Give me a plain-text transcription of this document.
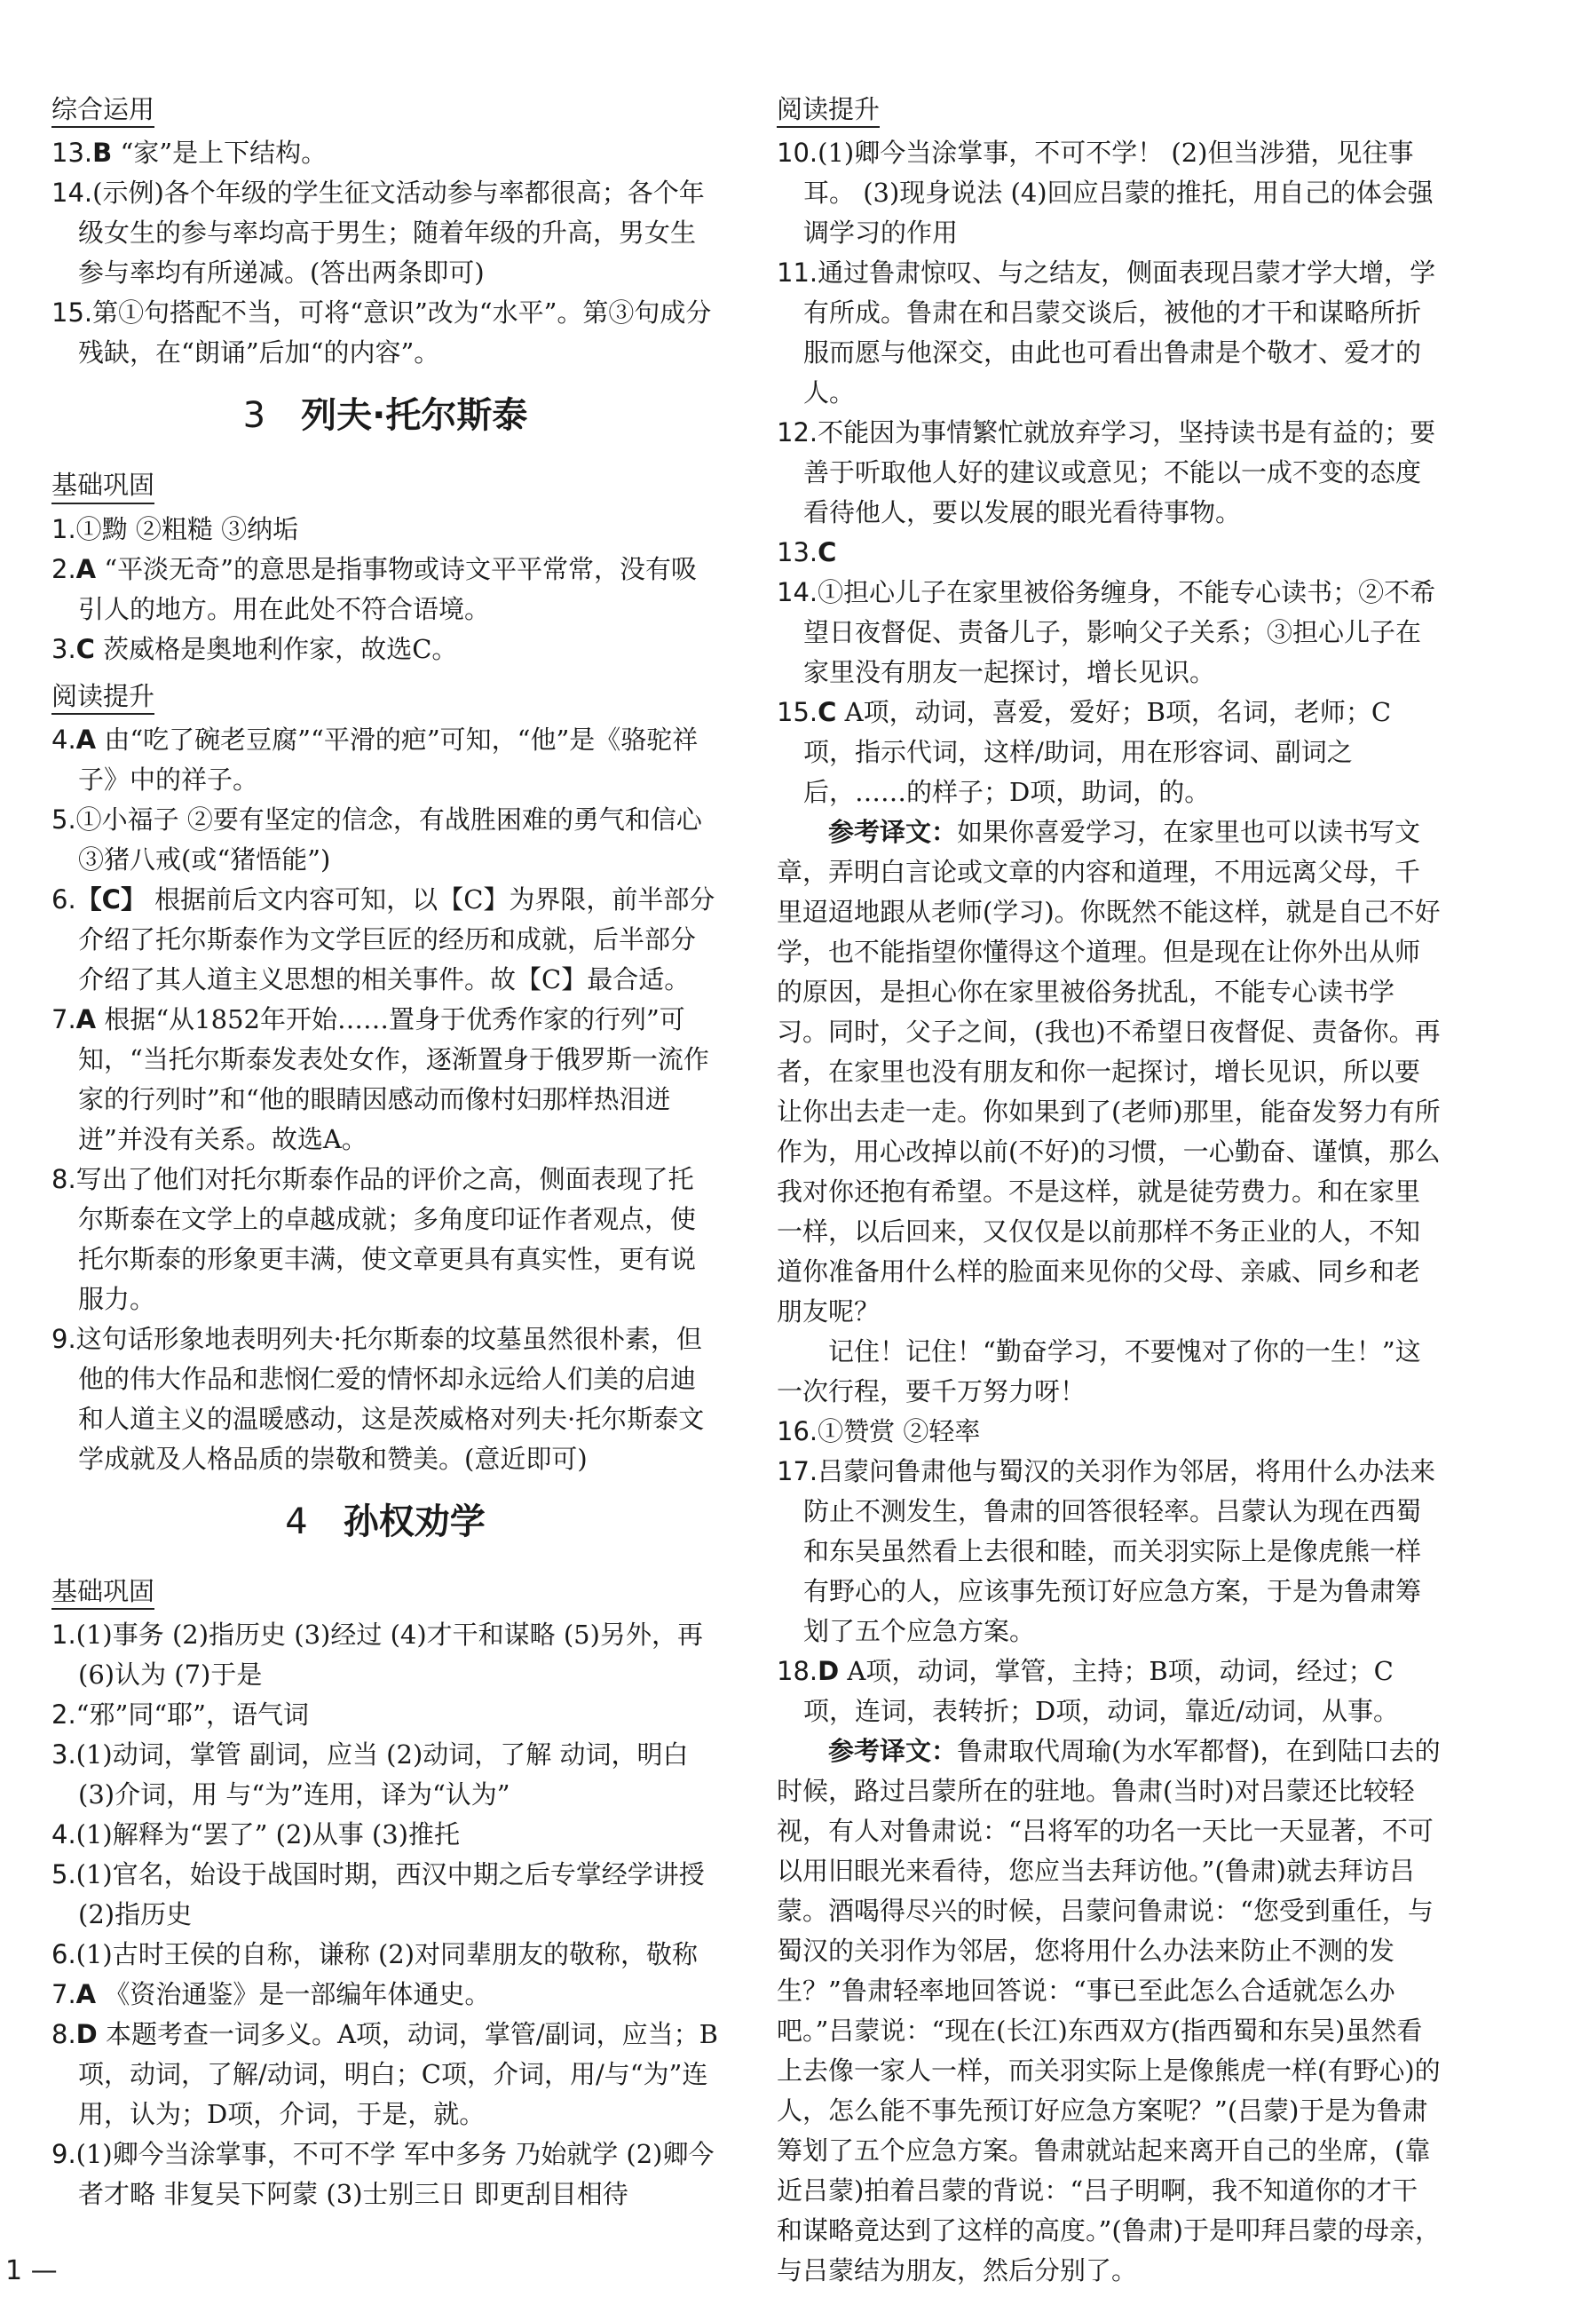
综合运用
13.B “家”是上下结构。
14.(示例)各个年级的学生征文活动参与率都很高；各个年级女生的参与率均高于男生；随着年级的升高，男女生参与率均有所递减。(答出两条即可)
15.第①句搭配不当，可将“意识”改为“水平”。第③句成分残缺，在“朗诵”后加“的内容”。
3 列夫·托尔斯泰
基础巩固
1.①黝 ②粗糙 ③纳垢
2.A “平淡无奇”的意思是指事物或诗文平平常常，没有吸引人的地方。用在此处不符合语境。
3.C 茨威格是奥地利作家，故选C。
阅读提升
4.A 由“吃了碗老豆腐”“平滑的疤”可知，“他”是《骆驼祥子》中的祥子。
5.①小福子 ②要有坚定的信念，有战胜困难的勇气和信心 ③猪八戒(或“猪悟能”)
6.【C】 根据前后文内容可知，以【C】为界限，前半部分介绍了托尔斯泰作为文学巨匠的经历和成就，后半部分介绍了其人道主义思想的相关事件。故【C】最合适。
7.A 根据“从1852年开始……置身于优秀作家的行列”可知，“当托尔斯泰发表处女作，逐渐置身于俄罗斯一流作家的行列时”和“他的眼睛因感动而像村妇那样热泪迸迸”并没有关系。故选A。
8.写出了他们对托尔斯泰作品的评价之高，侧面表现了托尔斯泰在文学上的卓越成就；多角度印证作者观点，使托尔斯泰的形象更丰满，使文章更具有真实性，更有说服力。
9.这句话形象地表明列夫·托尔斯泰的坟墓虽然很朴素，但他的伟大作品和悲悯仁爱的情怀却永远给人们美的启迪和人道主义的温暖感动，这是茨威格对列夫·托尔斯泰文学成就及人格品质的崇敬和赞美。(意近即可)
4 孙权劝学
基础巩固
1.(1)事务 (2)指历史 (3)经过 (4)才干和谋略 (5)另外，再 (6)认为 (7)于是
2.“邪”同“耶”，语气词
3.(1)动词，掌管 副词，应当 (2)动词，了解 动词，明白 (3)介词，用 与“为”连用，译为“认为”
4.(1)解释为“罢了” (2)从事 (3)推托
5.(1)官名，始设于战国时期，西汉中期之后专掌经学讲授 (2)指历史
6.(1)古时王侯的自称，谦称 (2)对同辈朋友的敬称，敬称
7.A 《资治通鉴》是一部编年体通史。
8.D 本题考查一词多义。A项，动词，掌管/副词，应当；B项，动词，了解/动词，明白；C项，介词，用/与“为”连用，认为；D项，介词，于是，就。
9.(1)卿今当涂掌事，不可不学 军中多务 乃始就学 (2)卿今者才略 非复吴下阿蒙 (3)士别三日 即更刮目相待
阅读提升
10.(1)卿今当涂掌事，不可不学！ (2)但当涉猎，见往事耳。 (3)现身说法 (4)回应吕蒙的推托，用自己的体会强调学习的作用
11.通过鲁肃惊叹、与之结友，侧面表现吕蒙才学大增，学有所成。鲁肃在和吕蒙交谈后，被他的才干和谋略所折服而愿与他深交，由此也可看出鲁肃是个敬才、爱才的人。
12.不能因为事情繁忙就放弃学习，坚持读书是有益的；要善于听取他人好的建议或意见；不能以一成不变的态度看待他人，要以发展的眼光看待事物。
13.C
14.①担心儿子在家里被俗务缠身，不能专心读书；②不希望日夜督促、责备儿子，影响父子关系；③担心儿子在家里没有朋友一起探讨，增长见识。
15.C A项，动词，喜爱，爱好；B项，名词，老师；C项，指示代词，这样/助词，用在形容词、副词之后，……的样子；D项，助词，的。
参考译文：如果你喜爱学习，在家里也可以读书写文章，弄明白言论或文章的内容和道理，不用远离父母，千里迢迢地跟从老师(学习)。你既然不能这样，就是自己不好学，也不能指望你懂得这个道理。但是现在让你外出从师的原因，是担心你在家里被俗务扰乱，不能专心读书学习。同时，父子之间，(我也)不希望日夜督促、责备你。再者，在家里也没有朋友和你一起探讨，增长见识，所以要让你出去走一走。你如果到了(老师)那里，能奋发努力有所作为，用心改掉以前(不好)的习惯，一心勤奋、谨慎，那么我对你还抱有希望。不是这样，就是徒劳费力。和在家里一样，以后回来，又仅仅是以前那样不务正业的人，不知道你准备用什么样的脸面来见你的父母、亲戚、同乡和老朋友呢？
记住！记住！“勤奋学习，不要愧对了你的一生！”这一次行程，要千万努力呀！
16.①赞赏 ②轻率
17.吕蒙问鲁肃他与蜀汉的关羽作为邻居，将用什么办法来防止不测发生，鲁肃的回答很轻率。吕蒙认为现在西蜀和东吴虽然看上去很和睦，而关羽实际上是像虎熊一样有野心的人，应该事先预订好应急方案，于是为鲁肃筹划了五个应急方案。
18.D A项，动词，掌管，主持；B项，动词，经过；C项，连词，表转折；D项，动词，靠近/动词，从事。
参考译文：鲁肃取代周瑜(为水军都督)，在到陆口去的时候，路过吕蒙所在的驻地。鲁肃(当时)对吕蒙还比较轻视，有人对鲁肃说：“吕将军的功名一天比一天显著，不可以用旧眼光来看待，您应当去拜访他。”(鲁肃)就去拜访吕蒙。酒喝得尽兴的时候，吕蒙问鲁肃说：“您受到重任，与蜀汉的关羽作为邻居，您将用什么办法来防止不测的发生？”鲁肃轻率地回答说：“事已至此怎么合适就怎么办吧。”吕蒙说：“现在(长江)东西双方(指西蜀和东吴)虽然看上去像一家人一样，而关羽实际上是像熊虎一样(有野心)的人，怎么能不事先预订好应急方案呢？”(吕蒙)于是为鲁肃筹划了五个应急方案。鲁肃就站起来离开自己的坐席，(靠近吕蒙)拍着吕蒙的背说：“吕子明啊，我不知道你的才干和谋略竟达到了这样的高度。”(鲁肃)于是叩拜吕蒙的母亲，与吕蒙结为朋友，然后分别了。
1 —
